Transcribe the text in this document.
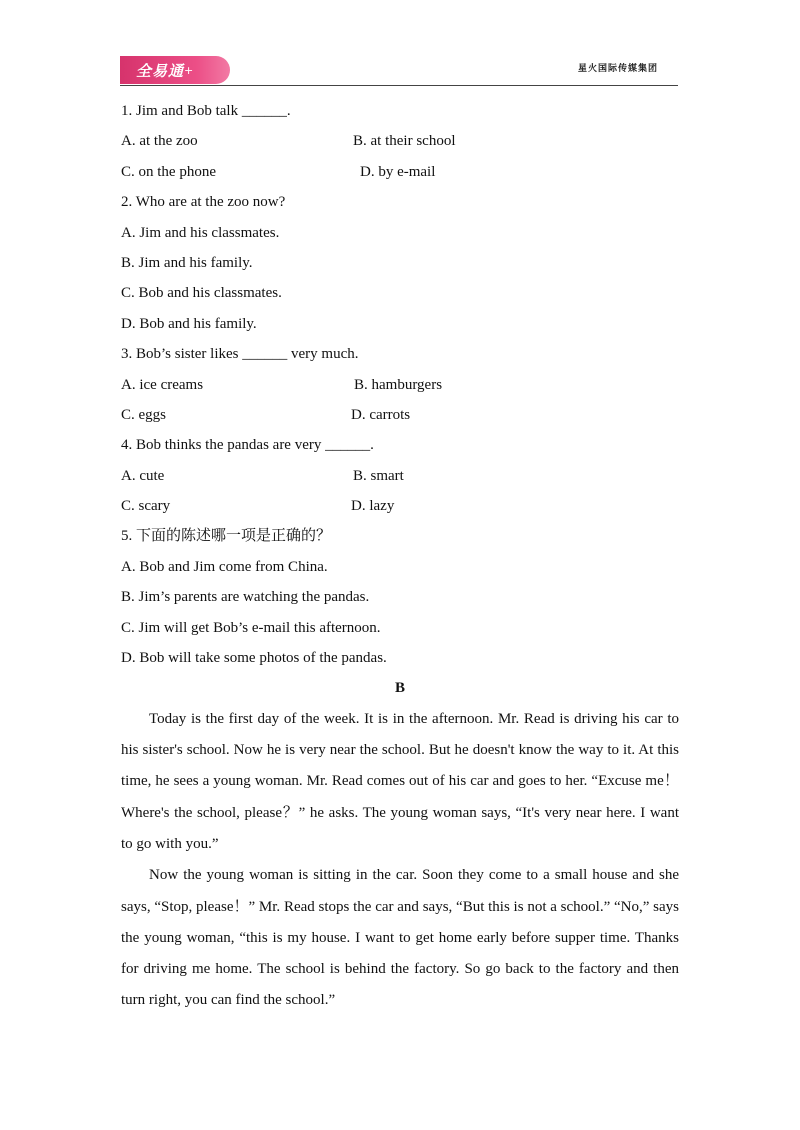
全易通 +	星火国际传媒集团
1. Jim and Bob talk ______.
A. at the zoo	B. at their school
C. on the phone	D. by e-mail
2. Who are at the zoo now?
A. Jim and his classmates.
B. Jim and his family.
C. Bob and his classmates.
D. Bob and his family.
3. Bob’s sister likes ______ very much.
A. ice creams	B. hamburgers
C. eggs	D. carrots
4. Bob thinks the pandas are very ______.
A. cute	B. smart
C. scary	D. lazy
5. 下面的陈述哪一项是正确的？
A. Bob and Jim come from China.
B. Jim’s parents are watching the pandas.
C. Jim will get Bob’s e-mail this afternoon.
D. Bob will take some photos of the pandas.
B

Today is the first day of the week. It is in the afternoon. Mr. Read is driving his car to his sister's school. Now he is very near the school. But he doesn't know the way to it. At this time, he sees a young woman. Mr. Read comes out of his car and goes to her. “Excuse me！ Where's the school, please？” he asks. The young woman says, “It's very near here. I want to go with you.”

Now the young woman is sitting in the car. Soon they come to a small house and she says, “Stop, please！” Mr. Read stops the car and says, “But this is not a school.” “No,” says the young woman, “this is my house. I want to get home early before supper time. Thanks for driving me home. The school is behind the factory. So go back to the factory and then turn right, you can find the school.”
